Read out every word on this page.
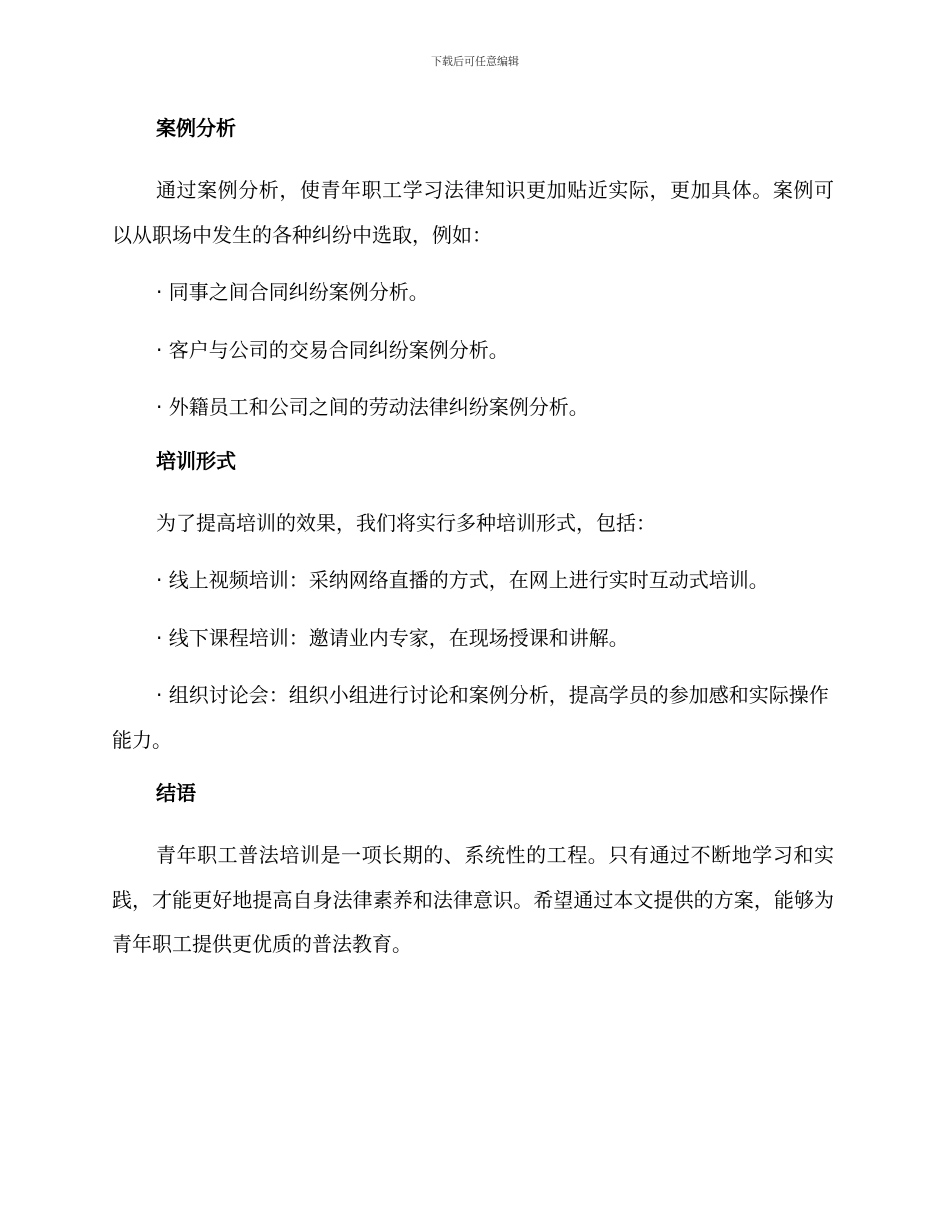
下载后可任意编辑
案例分析

通过案例分析，使青年职工学习法律知识更加贴近实际，更加具体。案例可以从职场中发生的各种纠纷中选取，例如：

· 同事之间合同纠纷案例分析。

· 客户与公司的交易合同纠纷案例分析。

· 外籍员工和公司之间的劳动法律纠纷案例分析。

培训形式

为了提高培训的效果，我们将实行多种培训形式，包括：

· 线上视频培训：采纳网络直播的方式，在网上进行实时互动式培训。

· 线下课程培训：邀请业内专家，在现场授课和讲解。

· 组织讨论会：组织小组进行讨论和案例分析，提高学员的参加感和实际操作能力。

结语

青年职工普法培训是一项长期的、系统性的工程。只有通过不断地学习和实践，才能更好地提高自身法律素养和法律意识。希望通过本文提供的方案，能够为青年职工提供更优质的普法教育。
